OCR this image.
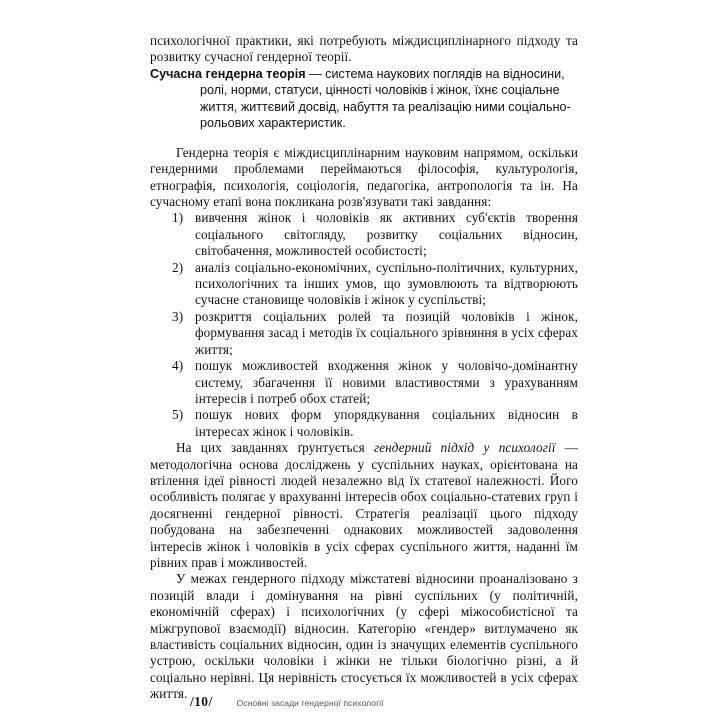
психологічної практики, які потребують міждисциплінарного підходу та розвитку сучасної гендерної теорії.

Сучасна гендерна теорія — система наукових поглядів на відносини, ролі, норми, статуси, цінності чоловіків і жінок, їхнє соціальне життя, життєвий досвід, набуття та реалізацію ними соціально-рольових характеристик.

Гендерна теорія є міждисциплінарним науковим напрямом, оскільки гендерними проблемами переймаються філософія, культурологія, етнографія, психологія, соціологія, педагогіка, антропологія та ін. На сучасному етапі вона покликана розв'язувати такі завдання:

1) вивчення жінок і чоловіків як активних суб'єктів творення соціального світогляду, розвитку соціальних відносин, світобачення, можливостей особистості;
2) аналіз соціально-економічних, суспільно-політичних, культурних, психологічних та інших умов, що зумовлюють та відтворюють сучасне становище чоловіків і жінок у суспільстві;
3) розкриття соціальних ролей та позицій чоловіків і жінок, формування засад і методів їх соціального зрівняння в усіх сферах життя;
4) пошук можливостей входження жінок у чоловічо-домінантну систему, збагачення її новими властивостями з урахуванням інтересів і потреб обох статей;
5) пошук нових форм упорядкування соціальних відносин в інтересах жінок і чоловіків.

На цих завданнях ґрунтується гендерний підхід у психології — методологічна основа досліджень у суспільних науках, орієнтована на втілення ідеї рівності людей незалежно від їх статевої належності. Його особливість полягає у врахуванні інтересів обох соціально-статевих груп і досягненні гендерної рівності. Стратегія реалізації цього підходу побудована на забезпеченні однакових можливостей задоволення інтересів жінок і чоловіків в усіх сферах суспільного життя, наданні їм рівних прав і можливостей.

У межах гендерного підходу міжстатеві відносини проаналізовано з позицій влади і домінування на рівні суспільних (у політичній, економічній сферах) і психологічних (у сфері міжособистісної та міжгрупової взаємодії) відносин. Категорію «гендер» витлумачено як властивість соціальних відносин, один із значущих елементів суспільного устрою, оскільки чоловіки і жінки не тільки біологічно різні, а й соціально нерівні. Ця нерівність стосується їх можливостей в усіх сферах життя.

/10/	Основні засади гендерної психології
